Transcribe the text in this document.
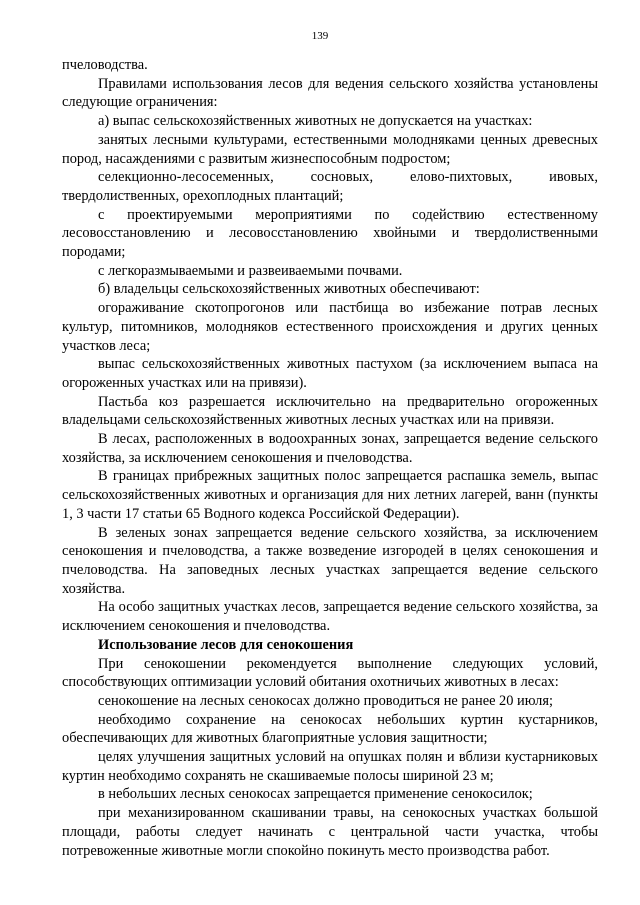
139

пчеловодства.

Правилами использования лесов для ведения сельского хозяйства установлены следующие ограничения:

а) выпас сельскохозяйственных животных не допускается на участках:

занятых лесными культурами, естественными молодняками ценных древесных пород, насаждениями с развитым жизнеспособным подростом;

селекционно-лесосеменных, сосновых, елово-пихтовых, ивовых, твердолиственных, орехоплодных плантаций;

с проектируемыми мероприятиями по содействию естественному лесовосстановлению и лесовосстановлению хвойными и твердолиственными породами;

с легкоразмываемыми и развеиваемыми почвами.

б) владельцы сельскохозяйственных животных обеспечивают:

огораживание скотопрогонов или пастбища во избежание потрав лесных культур, питомников, молодняков естественного происхождения и других ценных участков леса;

выпас сельскохозяйственных животных пастухом (за исключением выпаса на огороженных участках или на привязи).

Пастьба коз разрешается исключительно на предварительно огороженных владельцами сельскохозяйственных животных лесных участках или на привязи.

В лесах, расположенных в водоохранных зонах, запрещается ведение сельского хозяйства, за исключением сенокошения и пчеловодства.

В границах прибрежных защитных полос запрещается распашка земель, выпас сельскохозяйственных животных и организация для них летних лагерей, ванн (пункты 1, 3 части 17 статьи 65 Водного кодекса Российской Федерации).

В зеленых зонах запрещается ведение сельского хозяйства, за исключением сенокошения и пчеловодства, а также возведение изгородей в целях сенокошения и пчеловодства. На заповедных лесных участках запрещается ведение сельского хозяйства.

На особо защитных участках лесов, запрещается ведение сельского хозяйства, за исключением сенокошения и пчеловодства.

Использование лесов для сенокошения

При сенокошении рекомендуется выполнение следующих условий, способствующих оптимизации условий обитания охотничьих животных в лесах:

сенокошение на лесных сенокосах должно проводиться не ранее 20 июля;

необходимо сохранение на сенокосах небольших куртин кустарников, обеспечивающих для животных благоприятные условия защитности;

целях улучшения защитных условий на опушках полян и вблизи кустарниковых куртин необходимо сохранять не скашиваемые полосы шириной 23 м;

в небольших лесных сенокосах запрещается применение сенокосилок;

при механизированном скашивании травы, на сенокосных участках большой площади, работы следует начинать с центральной части участка, чтобы потревоженные животные могли спокойно покинуть место производства работ.
